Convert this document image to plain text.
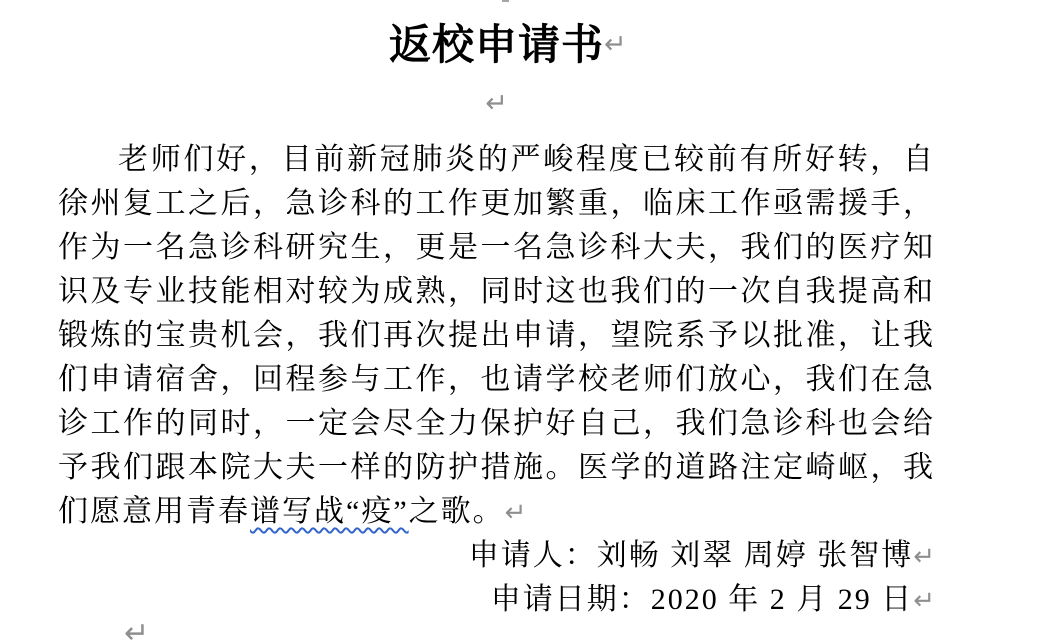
返校申请书↵
↵
老师们好，目前新冠肺炎的严峻程度已较前有所好转，自
徐州复工之后，急诊科的工作更加繁重，临床工作亟需援手，
作为一名急诊科研究生，更是一名急诊科大夫，我们的医疗知
识及专业技能相对较为成熟，同时这也我们的一次自我提高和
锻炼的宝贵机会，我们再次提出申请，望院系予以批准，让我
们申请宿舍，回程参与工作，也请学校老师们放心，我们在急
诊工作的同时，一定会尽全力保护好自己，我们急诊科也会给
予我们跟本院大夫一样的防护措施。医学的道路注定崎岖，我
们愿意用青春谱写战“疫”之歌。↵
申请人：刘畅 刘翠 周婷 张智博↵
申请日期：2020 年 2 月 29 日↵
↵
